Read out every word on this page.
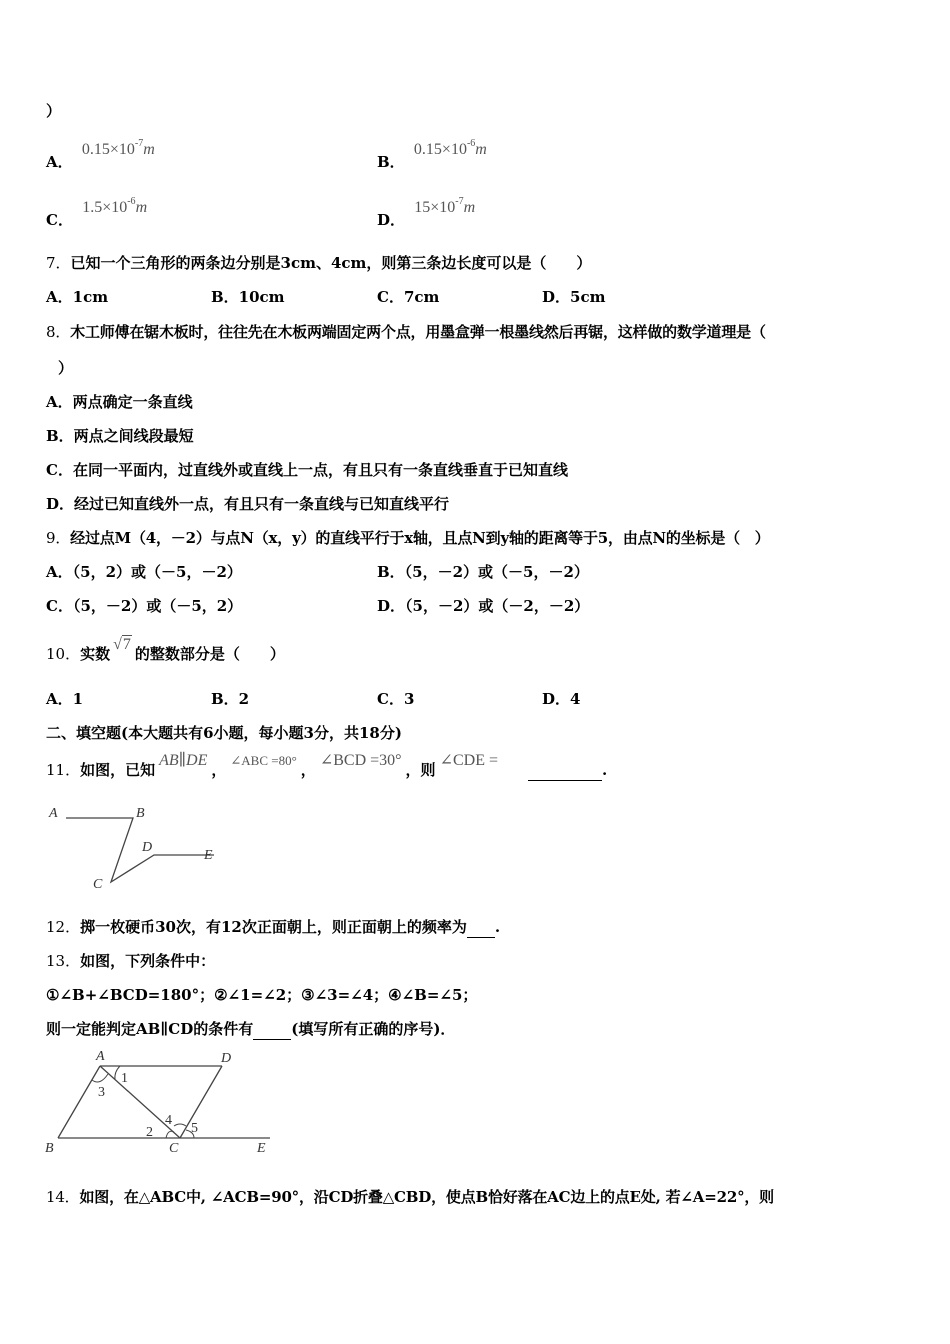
）
A． $0.15\times 10^{-7}m$
B． $0.15\times 10^{-6}m$
C． $1.5\times 10^{-6}m$
D． $15\times 10^{-7}m$
7．已知一个三角形的两条边分别是3cm、4cm，则第三条边长度可以是（　　）
A．1cm	B．10cm	C．7cm	D．5cm
8．木工师傅在锯木板时，往往先在木板两端固定两个点，用墨盒弹一根墨线然后再锯，这样做的数学道理是（
）
A．两点确定一条直线
B．两点之间线段最短
C．在同一平面内，过直线外或直线上一点，有且只有一条直线垂直于已知直线
D．经过已知直线外一点，有且只有一条直线与已知直线平行
9．经过点M（4，－2）与点N（x，y）的直线平行于x轴，且点N到y轴的距离等于5，由点N的坐标是（　）
A．（5，2）或（－5，－2）	B．（5，－2）或（－5，－2）
C．（5，－2）或（－5，2）	D．（5，－2）或（－2，－2）
10．实数√7的整数部分是（　　）
A．1	B．2	C．3	D．4
二、填空题(本大题共有6小题，每小题3分，共18分)
11．如图，已知AB∥DE，∠ABC =80°，∠BCD =30°，则∠CDE = .
A	B
D
E
C
12．掷一枚硬币30次，有12次正面朝上，则正面朝上的频率为 .
13．如图，下列条件中：
①∠B+∠BCD=180°；②∠1=∠2；③∠3=∠4；④∠B=∠5；
则一定能判定AB∥CD的条件有	(填写所有正确的序号)．
A	D
1
3
4
2	5
B	C	E
14．如图，在△ABC中, ∠ACB=90°，沿CD折叠△CBD，使点B恰好落在AC边上的点E处, 若∠A=22°，则
